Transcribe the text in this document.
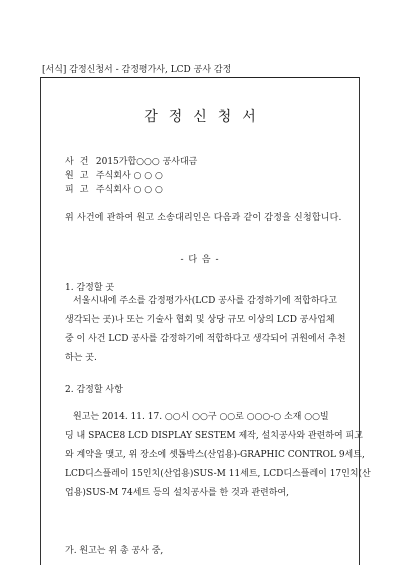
[서식] 감정신청서 - 감정평가사, LCD 공사 감정
감정신청서
사건 2015가합○○○ 공사대금
원고 주식회사 ○ ○ ○
피고 주식회사 ○ ○ ○
위 사건에 관하여 원고 소송대리인은 다음과 같이 감정을 신청합니다.
- 다 음 -
1. 감정할 곳
서울시내에 주소를 감정평가사(LCD 공사를 감정하기에 적합하다고
생각되는 곳)나 또는 기술사 협회 및 상당 규모 이상의 LCD 공사업체
중 이 사건 LCD 공사를 감정하기에 적합하다고 생각되어 귀원에서 추천
하는 곳.
2. 감정할 사항
원고는 2014. 11. 17. ○○시 ○○구 ○○로 ○○○-○ 소재 ○○빌
딩 내 SPACE8 LCD DISPLAY SESTEM 제작, 설치공사와 관련하여 피고
와 계약을 맺고, 위 장소에 셋톱박스(산업용)-GRAPHIC CONTROL 9세트,
LCD디스플레이 15인치(산업용)SUS-M 11세트, LCD디스플레이 17인치(산
업용)SUS-M 74세트 등의 설치공사를 한 것과 관련하여,
가. 원고는 위 총 공사 중,
